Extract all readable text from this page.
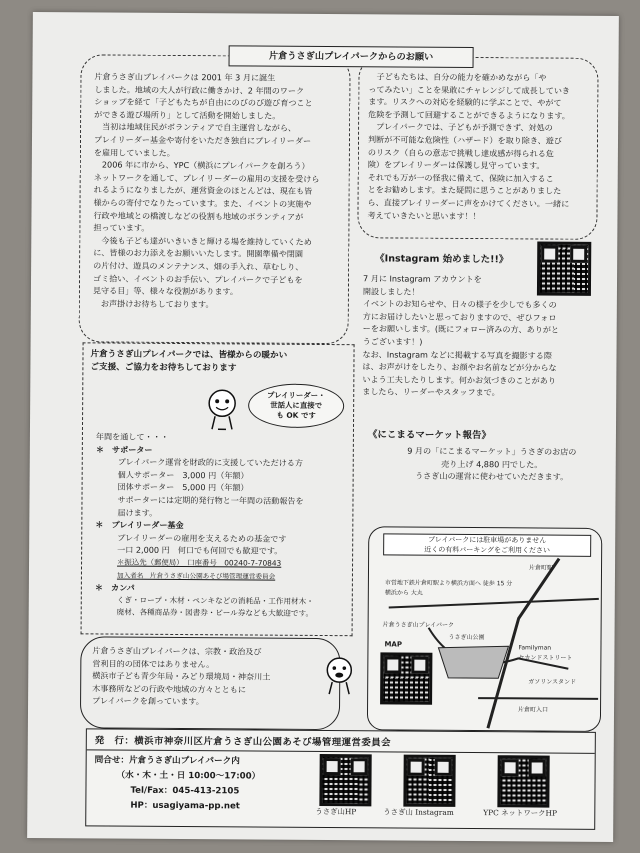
片倉うさぎ山プレイパークは 2001 年 3 月に誕生

しました。地域の大人が行政に働きかけ、2 年間のワーク

ショップを経て「子どもたちが自由にのびのび遊び育つこと

ができる遊び場所り」として活動を開始しました。

　当初は地域住民がボランティアで自主運営しながら、

プレイリーダー基金や寄付をいただき独自にプレイリーダー

を雇用していました。

　2006 年に市から、YPC（横浜にプレイパークを創ろう）

ネットワークを通して、プレイリーダーの雇用の支援を受けら

れるようになりましたが、運営資金のほとんどは、現在も皆

様からの寄付でなりたっています。また、イベントの実施や

行政や地域との橋渡しなどの役割も地域のボランティアが

担っています。

　今後も子ども達がいきいきと輝ける場を維持していくため

に、皆様のお力添えをお願いいたします。開園準備や閉園

の片付け、遊具のメンテナンス、畑の手入れ、草むしり、

ゴミ拾い、イベントのお手伝い、プレイパークで子どもを

見守る目」等、様々な役割があります。

　お声掛けお待ちしております。

　子どもたちは、自分の能力を確かめながら「や

ってみたい」ことを果敢にチャレンジして成長していき

ます。リスクへの対応を経験的に学ぶことで、やがて

危険を予測して回避することができるようになります。

　プレイパークでは、子どもが予測できず、対処の

判断が不可能な危険性（ハザード）を取り除き、遊び

のリスク（自らの意志で挑戦し達成感が得られる危

険）をプレイリーダーは保護し見守っています。

それでも万が一の怪我に備えて、保険に加入するこ

とをお勧めします。また疑問に思うことがありました

ら、直接プレイリーダーに声をかけてください。一緒に

考えていきたいと思います！！

片倉うさぎ山プレイパークからのお願い
《Instagram 始めました!!》

7 月に Instagram アカウントを

開設しました！

イベントのお知らせや、日々の様子を少しでも多くの

方にお届けしたいと思っておりますので、ぜひフォロ

ーをお願いします。(既にフォロー済みの方、ありがと

うございます！)

なお、Instagram などに掲載する写真を撮影する際

は、お声がけをしたり、お顔やお名前などが分からな

いよう工夫したりします。何かお気づきのことがあり

ましたら、リーダーやスタッフまで。

《にこまるマーケット報告》

9 月の「にこまるマーケット」うさぎのお店の

売り上げ 4,880 円でした。

うさぎ山の運営に使わせていただきます。

片倉うさぎ山プレイパークでは、皆様からの暖かい

ご支援、ご協力をお待ちしております

プレイリーダー・

世話人に直接で

も OK です

年間を通して・・・

＊　サポーター

プレイパーク運営を財政的に支援していただける方

個人サポーター　3,000 円（年額）

団体サポーター　5,000 円（年額）

サポーターには定期的発行物と一年間の活動報告を

届けます。

＊　プレイリーダー基金

プレイリーダーの雇用を支えるための基金です

一口 2,000 円　何口でも何回でも歓迎です。

＊振込先（郵便局）　口座番号　00240-7-70843

加入者名　片倉うさぎ山公園あそび場管理運営委員会

＊　カンパ

くぎ・ロープ・木材・ペンキなどの消耗品・工作用材木・

廃材、各種商品券・図書券・ビール券なども大歓迎です。

片倉うさぎ山プレイパークは、宗教・政治及び

営利目的の団体ではありません。

横浜市子ども青少年局・みどり環境局・神奈川土

木事務所などの行政や地域の方々とともに

プレイパークを創っています。

プレイパークには駐車場がありません
近くの有料パーキングをご利用ください
片倉町駅
市営地下鉄片倉町駅より横浜方面へ 徒歩 15 分
横浜から 大丸
片倉うさぎ山プレイパーク
うさぎ山公園
Familyman
セカンドストリート
ガソリンスタンド
片倉町入口
MAP
発　行：横浜市神奈川区片倉うさぎ山公園あそび場管理運営委員会

問合せ：片倉うさぎ山プレイパーク内

（水・木・土・日 10:00～17:00）

Tel/Fax：045-413-2105

HP：usagiyama-pp.net

うさぎ山HP	うさぎ山 Instagram	YPC ネットワークHP
